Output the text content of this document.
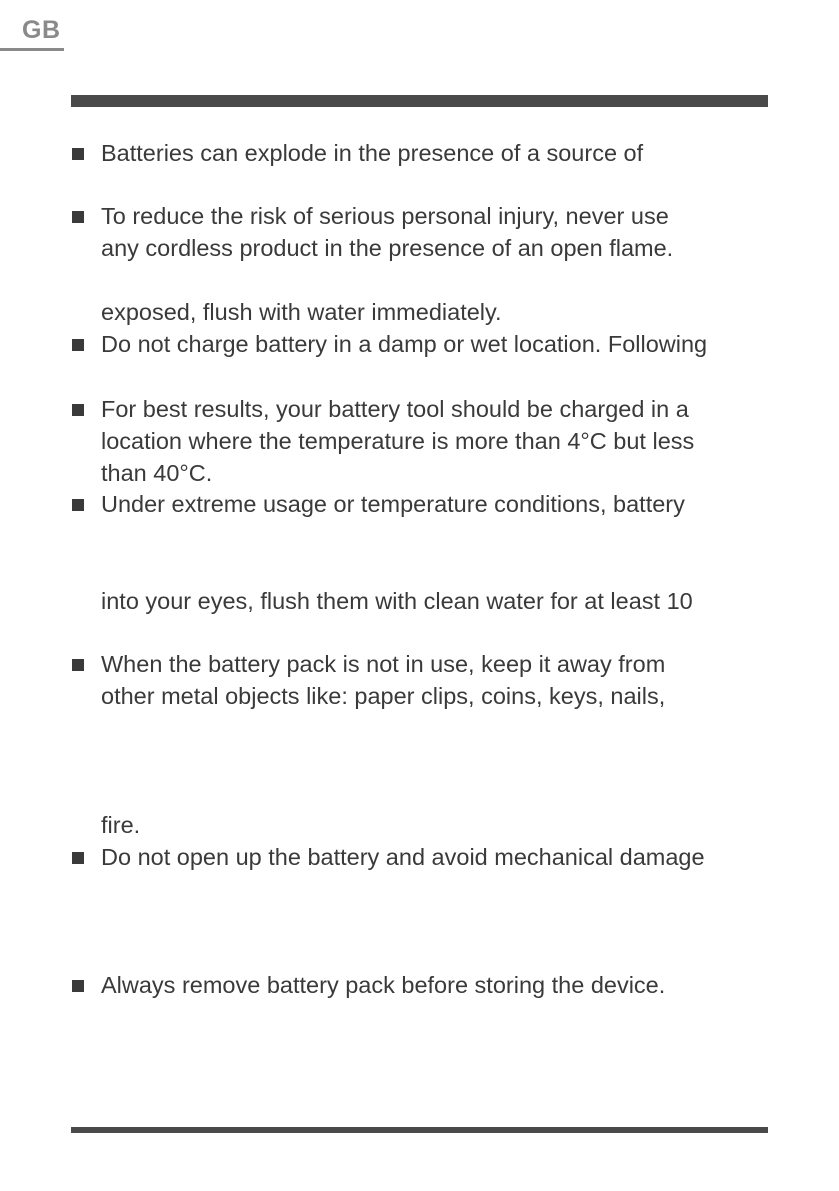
GB
Batteries can explode in the presence of a source of
To reduce the risk of serious personal injury, never use
any cordless product in the presence of an open flame.
exposed, flush with water immediately.
Do not charge battery in a damp or wet location. Following
For best results, your battery tool should be charged in a
location where the temperature is more than 4°C but less
than 40°C.
Under extreme usage or temperature conditions, battery
into your eyes, flush them with clean water for at least 10
When the battery pack is not in use, keep it away from
other metal objects like: paper clips, coins, keys, nails,
fire.
Do not open up the battery and avoid mechanical damage
Always remove battery pack before storing the device.
